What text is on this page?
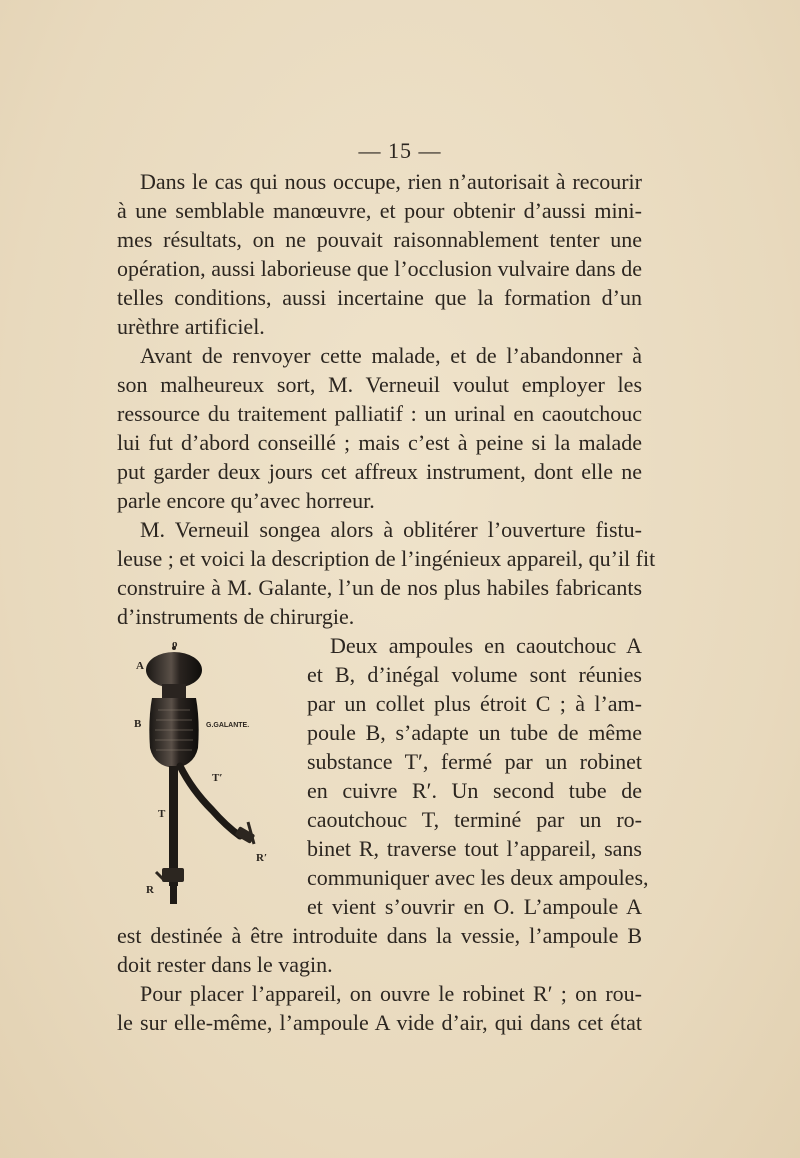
— 15 —
Dans le cas qui nous occupe, rien n’autorisait à recourir
à une semblable manœuvre, et pour obtenir d’aussi mini-
mes résultats, on ne pouvait raisonnablement tenter une
opération, aussi laborieuse que l’occlusion vulvaire dans de
telles conditions, aussi incertaine que la formation d’un
urèthre artificiel.
Avant de renvoyer cette malade, et de l’abandonner à
son malheureux sort, M. Verneuil voulut employer les
ressource du traitement palliatif : un urinal en caoutchouc
lui fut d’abord conseillé ; mais c’est à peine si la malade
put garder deux jours cet affreux instrument, dont elle ne
parle encore qu’avec horreur.
M. Verneuil songea alors à oblitérer l’ouverture fistu-
leuse ; et voici la description de l’ingénieux appareil, qu’il fit
construire à M. Galante, l’un de nos plus habiles fabricants
d’instruments de chirurgie.
Deux ampoules en caoutchouc A
et B, d’inégal volume sont réunies
par un collet plus étroit C ; à l’am-
poule B, s’adapte un tube de même
substance T′, fermé par un robinet
en cuivre R′. Un second tube de
caoutchouc T, terminé par un ro-
binet R, traverse tout l’appareil, sans
communiquer avec les deux ampoules,
et vient s’ouvrir en O. L’ampoule A
est destinée à être introduite dans la vessie, l’ampoule B
doit rester dans le vagin.
Pour placer l’appareil, on ouvre le robinet R′ ; on rou-
le sur elle-même, l’ampoule A vide d’air, qui dans cet état
o
A
B	G.GALANTE.
T′
T
R′
R
